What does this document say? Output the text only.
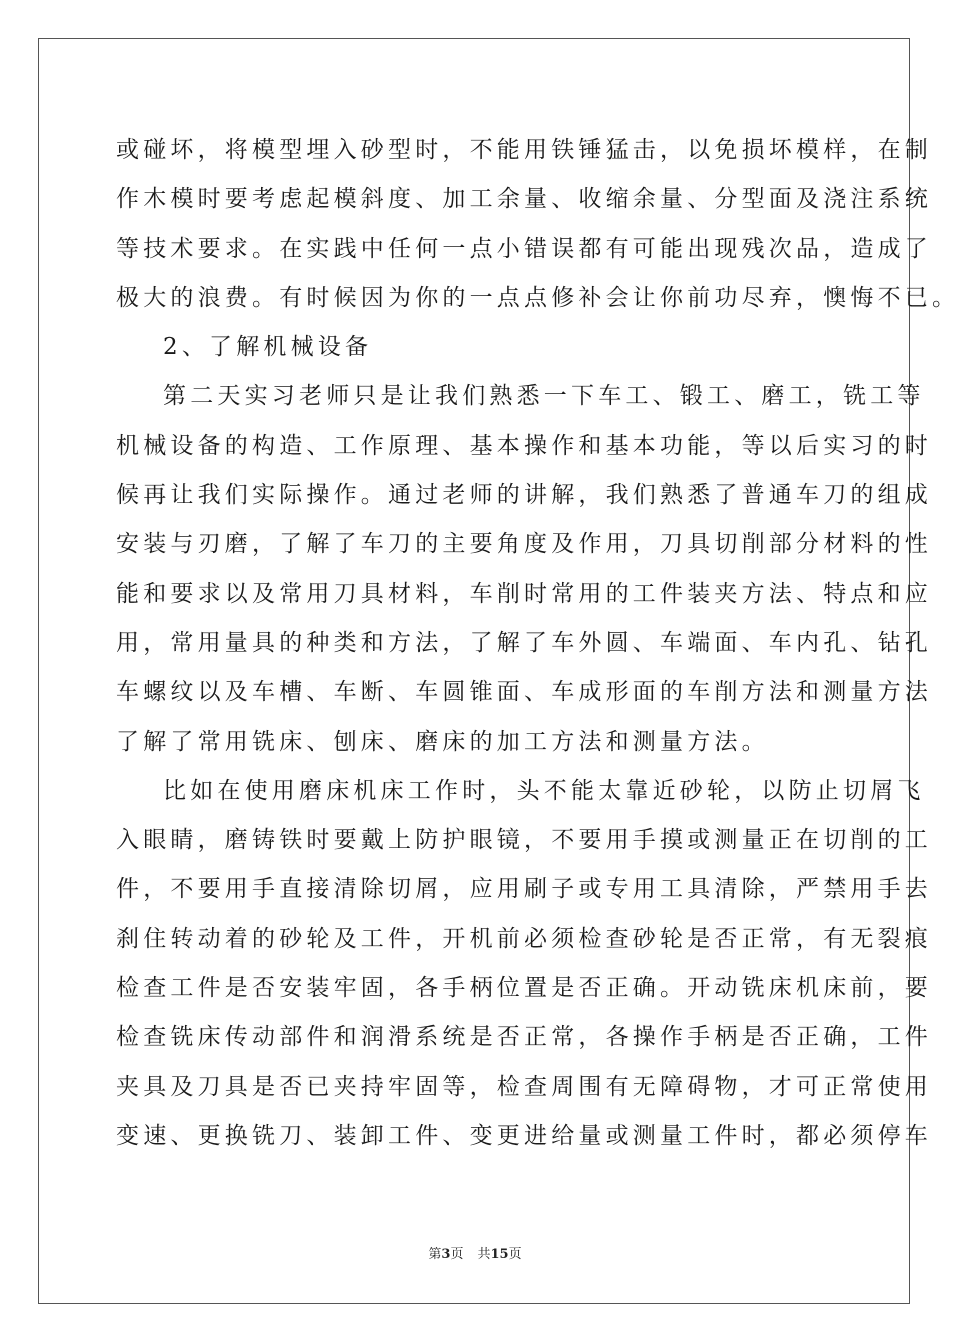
或碰坏，将模型埋入砂型时，不能用铁锤猛击，以免损坏模样，在制
作木模时要考虑起模斜度、加工余量、收缩余量、分型面及浇注系统
等技术要求。在实践中任何一点小错误都有可能出现残次品，造成了
极大的浪费。有时候因为你的一点点修补会让你前功尽弃，懊悔不已。
2、了解机械设备
第二天实习老师只是让我们熟悉一下车工、锻工、磨工，铣工等
机械设备的构造、工作原理、基本操作和基本功能，等以后实习的时
候再让我们实际操作。通过老师的讲解，我们熟悉了普通车刀的组成
安装与刃磨，了解了车刀的主要角度及作用，刀具切削部分材料的性
能和要求以及常用刀具材料，车削时常用的工件装夹方法、特点和应
用，常用量具的种类和方法，了解了车外圆、车端面、车内孔、钻孔
车螺纹以及车槽、车断、车圆锥面、车成形面的车削方法和测量方法
了解了常用铣床、刨床、磨床的加工方法和测量方法。
比如在使用磨床机床工作时，头不能太靠近砂轮，以防止切屑飞
入眼睛，磨铸铁时要戴上防护眼镜，不要用手摸或测量正在切削的工
件，不要用手直接清除切屑，应用刷子或专用工具清除，严禁用手去
刹住转动着的砂轮及工件，开机前必须检查砂轮是否正常，有无裂痕
检查工件是否安装牢固，各手柄位置是否正确。开动铣床机床前，要
检查铣床传动部件和润滑系统是否正常，各操作手柄是否正确，工件
夹具及刀具是否已夹持牢固等，检查周围有无障碍物，才可正常使用
变速、更换铣刀、装卸工件、变更进给量或测量工件时，都必须停车
第3页 共15页
